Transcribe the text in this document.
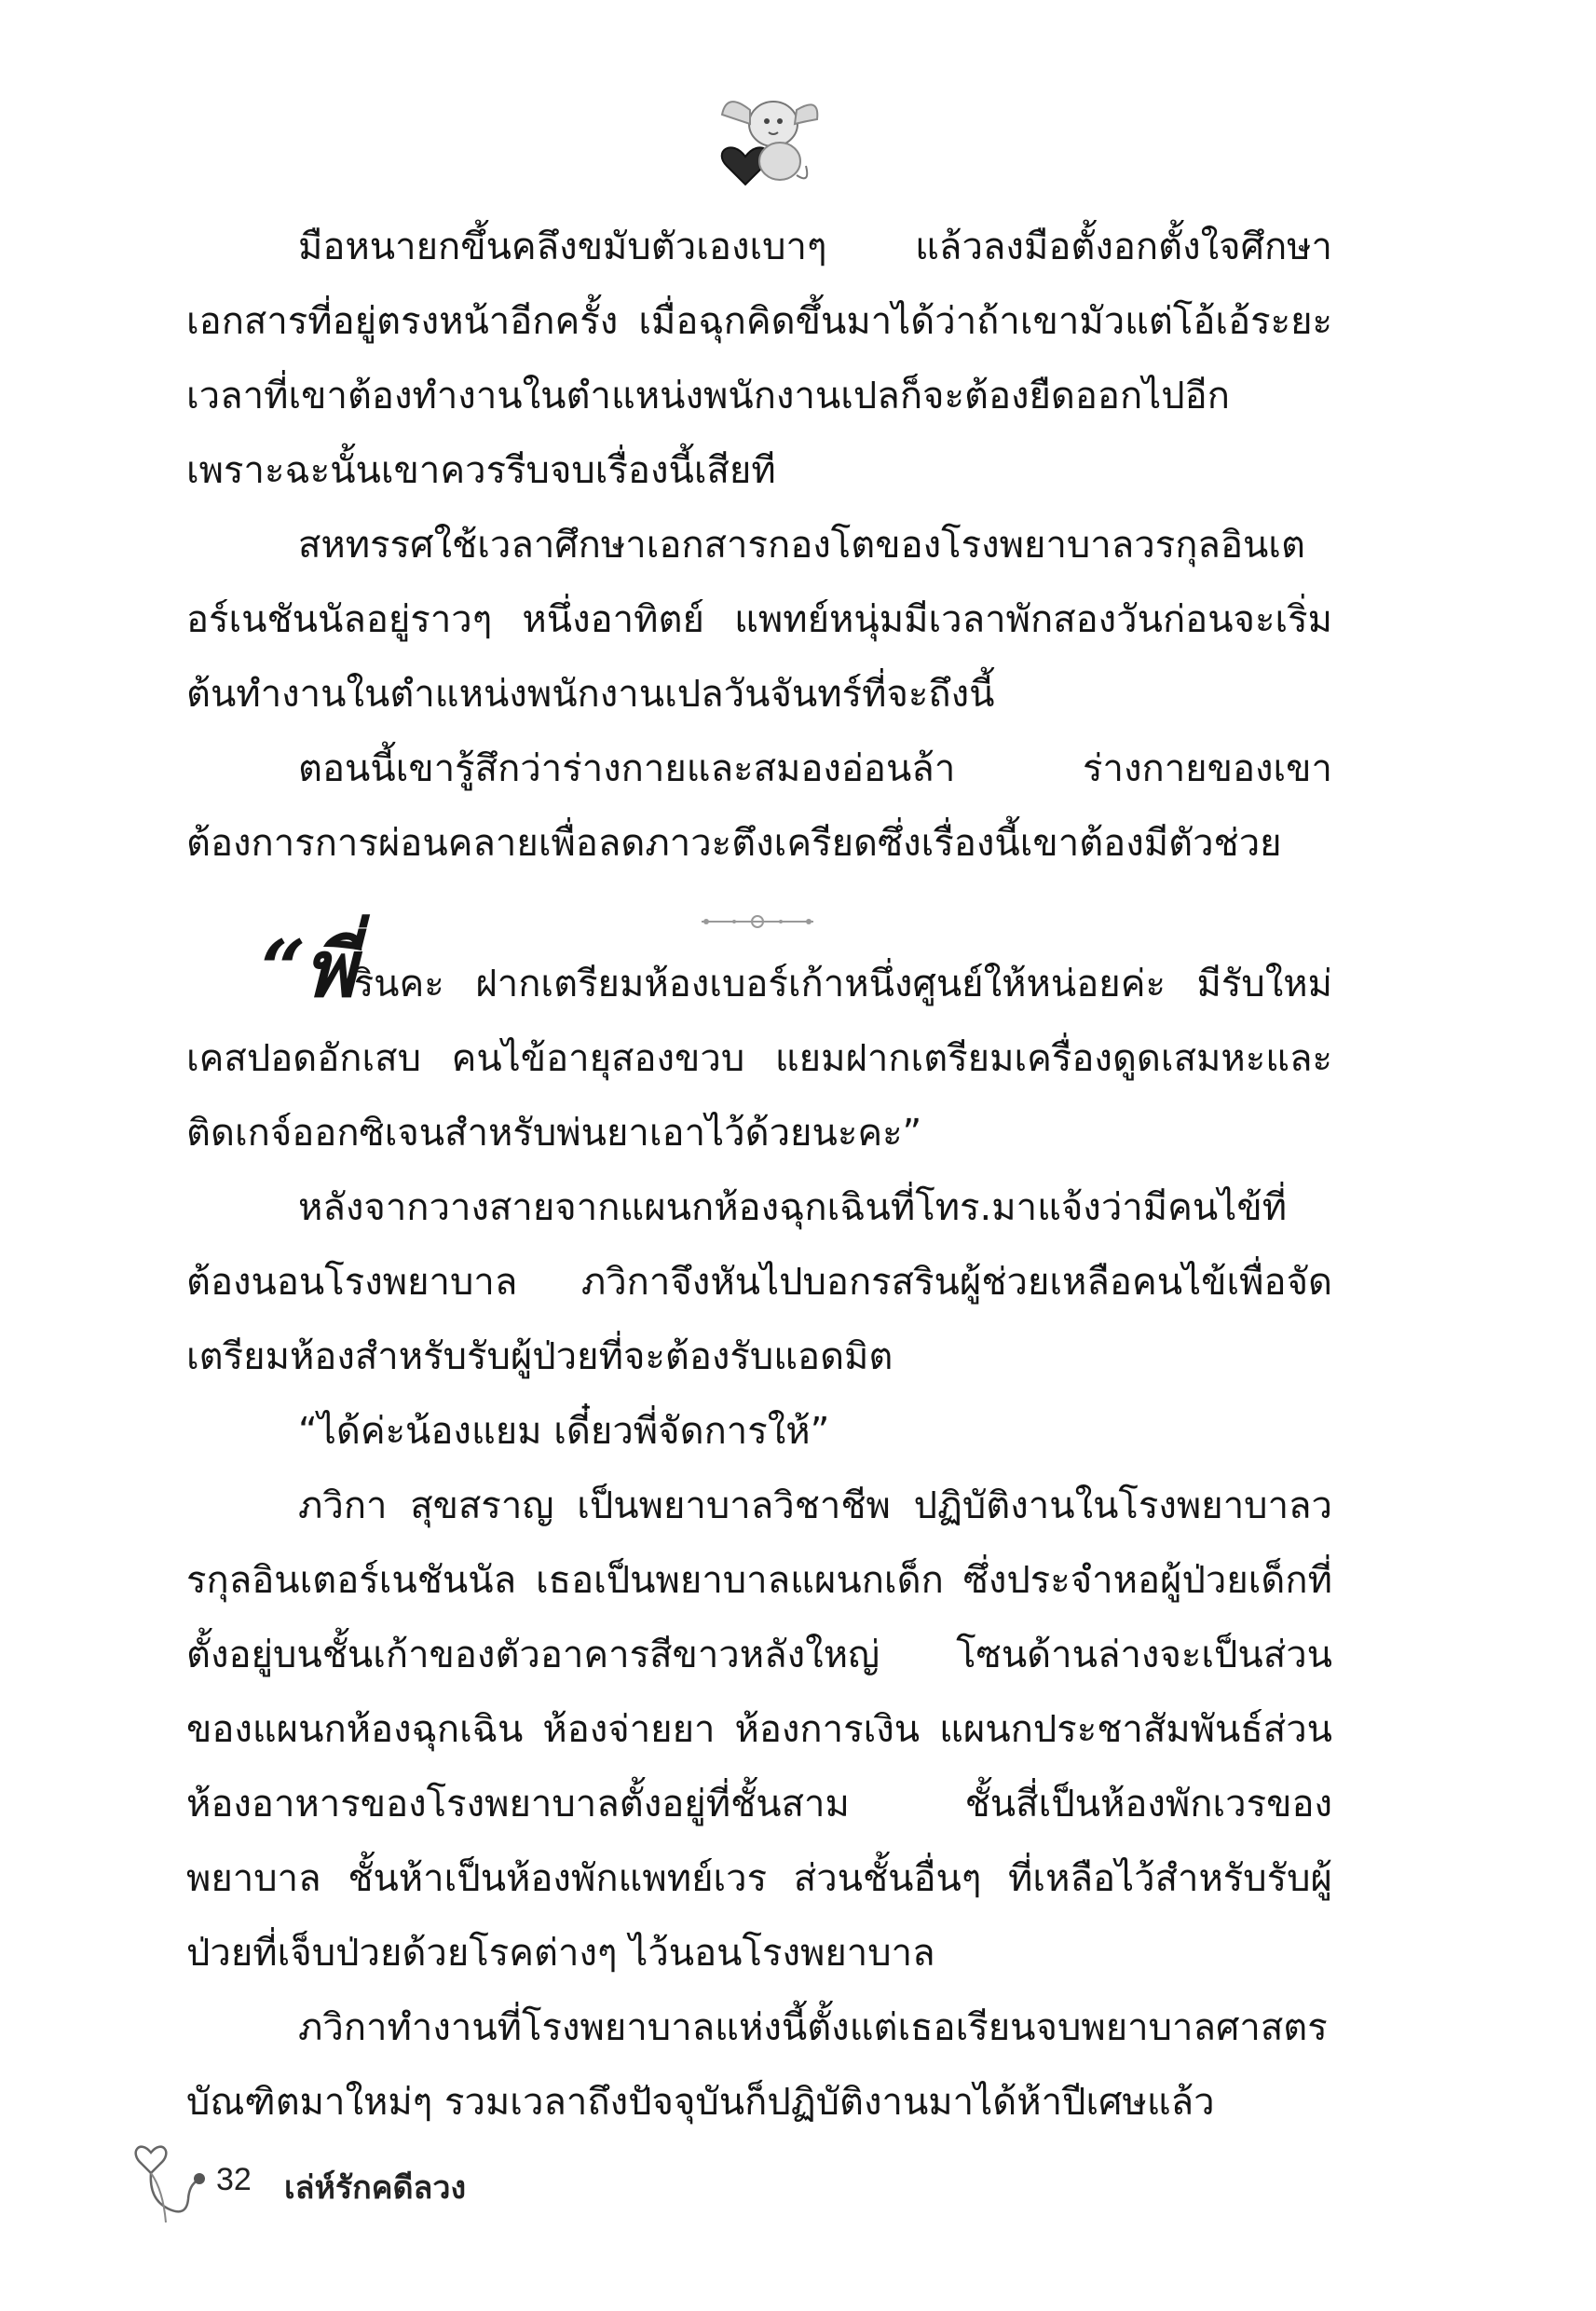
มือหนายกขึ้นคลึงขมับตัวเองเบาๆ แล้วลงมือตั้งอกตั้งใจศึกษาเอกสารที่อยู่ตรงหน้าอีกครั้ง เมื่อฉุกคิดขึ้นมาได้ว่าถ้าเขามัวแต่โอ้เอ้ระยะเวลาที่เขาต้องทำงานในตำแหน่งพนักงานเปลก็จะต้องยืดออกไปอีก เพราะฉะนั้นเขาควรรีบจบเรื่องนี้เสียที

สหทรรศใช้เวลาศึกษาเอกสารกองโตของโรงพยาบาลวรกุลอินเตอร์เนชันนัลอยู่ราวๆ หนึ่งอาทิตย์ แพทย์หนุ่มมีเวลาพักสองวันก่อนจะเริ่มต้นทำงานในตำแหน่งพนักงานเปลวันจันทร์ที่จะถึงนี้

ตอนนี้เขารู้สึกว่าร่างกายและสมองอ่อนล้า ร่างกายของเขาต้องการการผ่อนคลายเพื่อลดภาวะตึงเครียดซึ่งเรื่องนี้เขาต้องมีตัวช่วย

“พี่รินคะ ฝากเตรียมห้องเบอร์เก้าหนึ่งศูนย์ให้หน่อยค่ะ มีรับใหม่เคสปอดอักเสบ คนไข้อายุสองขวบ แยมฝากเตรียมเครื่องดูดเสมหะและติดเกจ์ออกซิเจนสำหรับพ่นยาเอาไว้ด้วยนะคะ”

หลังจากวางสายจากแผนกห้องฉุกเฉินที่โทร.มาแจ้งว่ามีคนไข้ที่ต้องนอนโรงพยาบาล ภวิกาจึงหันไปบอกรสรินผู้ช่วยเหลือคนไข้เพื่อจัดเตรียมห้องสำหรับรับผู้ป่วยที่จะต้องรับแอดมิต

“ได้ค่ะน้องแยม เดี๋ยวพี่จัดการให้”

ภวิกา สุขสราญ เป็นพยาบาลวิชาชีพ ปฏิบัติงานในโรงพยาบาลวรกุลอินเตอร์เนชันนัล เธอเป็นพยาบาลแผนกเด็ก ซึ่งประจำหอผู้ป่วยเด็กที่ตั้งอยู่บนชั้นเก้าของตัวอาคารสีขาวหลังใหญ่ โซนด้านล่างจะเป็นส่วนของแผนกห้องฉุกเฉิน ห้องจ่ายยา ห้องการเงิน แผนกประชาสัมพันธ์ส่วนห้องอาหารของโรงพยาบาลตั้งอยู่ที่ชั้นสาม ชั้นสี่เป็นห้องพักเวรของพยาบาล ชั้นห้าเป็นห้องพักแพทย์เวร ส่วนชั้นอื่นๆ ที่เหลือไว้สำหรับรับผู้ป่วยที่เจ็บป่วยด้วยโรคต่างๆ ไว้นอนโรงพยาบาล

ภวิกาทำงานที่โรงพยาบาลแห่งนี้ตั้งแต่เธอเรียนจบพยาบาลศาสตรบัณฑิตมาใหม่ๆ รวมเวลาถึงปัจจุบันก็ปฏิบัติงานมาได้ห้าปีเศษแล้ว

32 เล่ห์รักคดีลวง
